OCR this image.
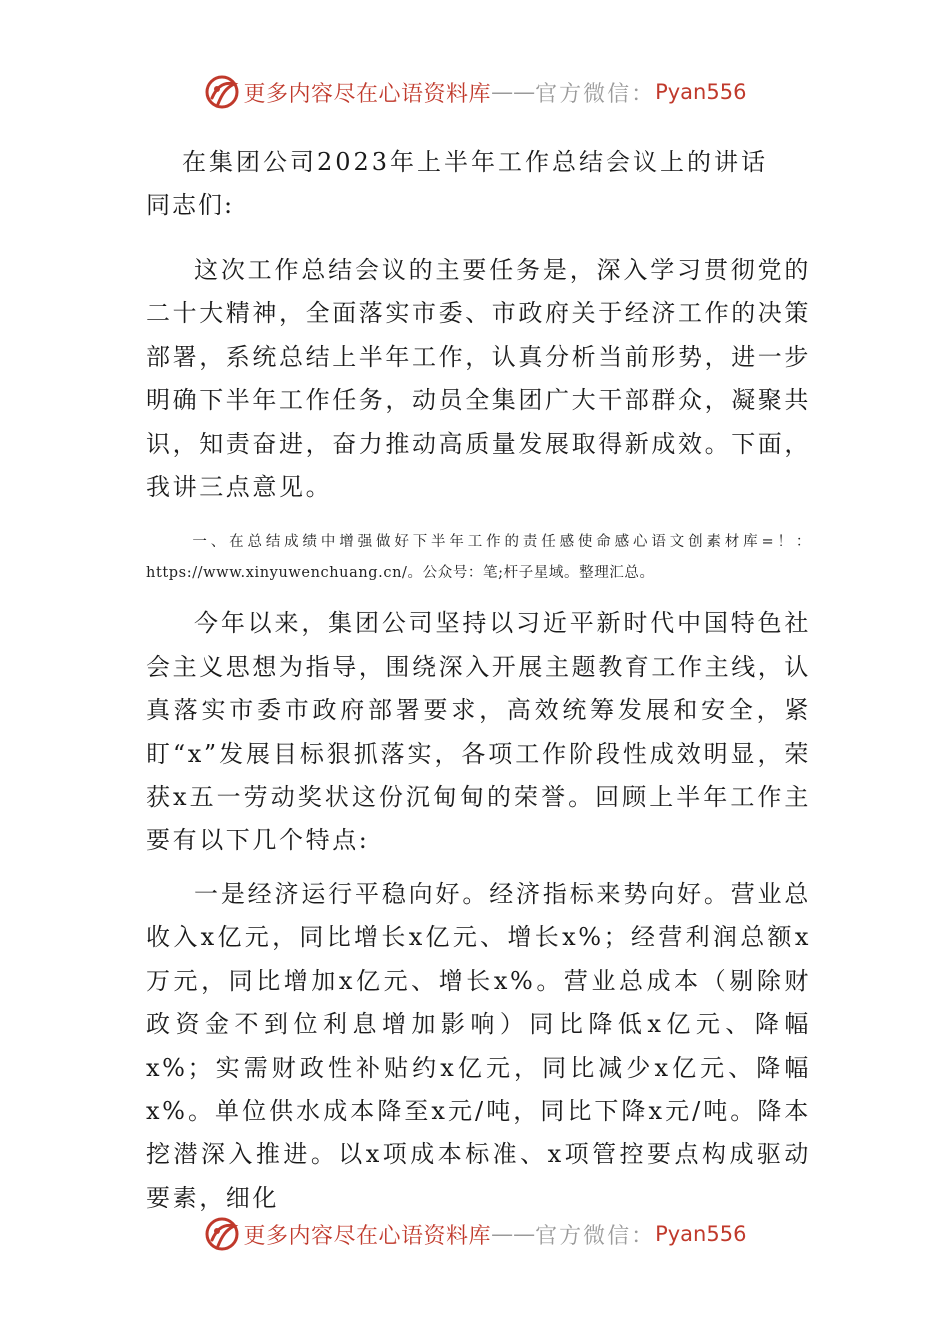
更多内容尽在心语资料库 —— 官方微信： Pyan556
在集团公司2023年上半年工作总结会议上的讲话
同志们:

这次工作总结会议的主要任务是，深入学习贯彻党的二十大精神，全面落实市委、市政府关于经济工作的决策部署，系统总结上半年工作，认真分析当前形势，进一步明确下半年工作任务，动员全集团广大干部群众，凝聚共识，知责奋进，奋力推动高质量发展取得新成效。下面，我讲三点意见。

一、在总结成绩中增强做好下半年工作的责任感使命感心语文创素材库=！：https://www.xinyuwenchuang.cn/。公众号：笔;杆子星域。整理汇总。

今年以来，集团公司坚持以习近平新时代中国特色社会主义思想为指导，围绕深入开展主题教育工作主线，认真落实市委市政府部署要求，高效统筹发展和安全，紧盯“x”发展目标狠抓落实，各项工作阶段性成效明显，荣获x五一劳动奖状这份沉甸甸的荣誉。回顾上半年工作主要有以下几个特点:

一是经济运行平稳向好。经济指标来势向好。营业总收入x亿元，同比增长x亿元、增长x%；经营利润总额x万元，同比增加x亿元、增长x%。营业总成本（剔除财政资金不到位利息增加影响）同比降低x亿元、降幅x%；实需财政性补贴约x亿元，同比减少x亿元、降幅x%。单位供水成本降至x元/吨，同比下降x元/吨。降本挖潜深入推进。以x项成本标准、x项管控要点构成驱动要素，细化

更多内容尽在心语资料库 —— 官方微信： Pyan556
